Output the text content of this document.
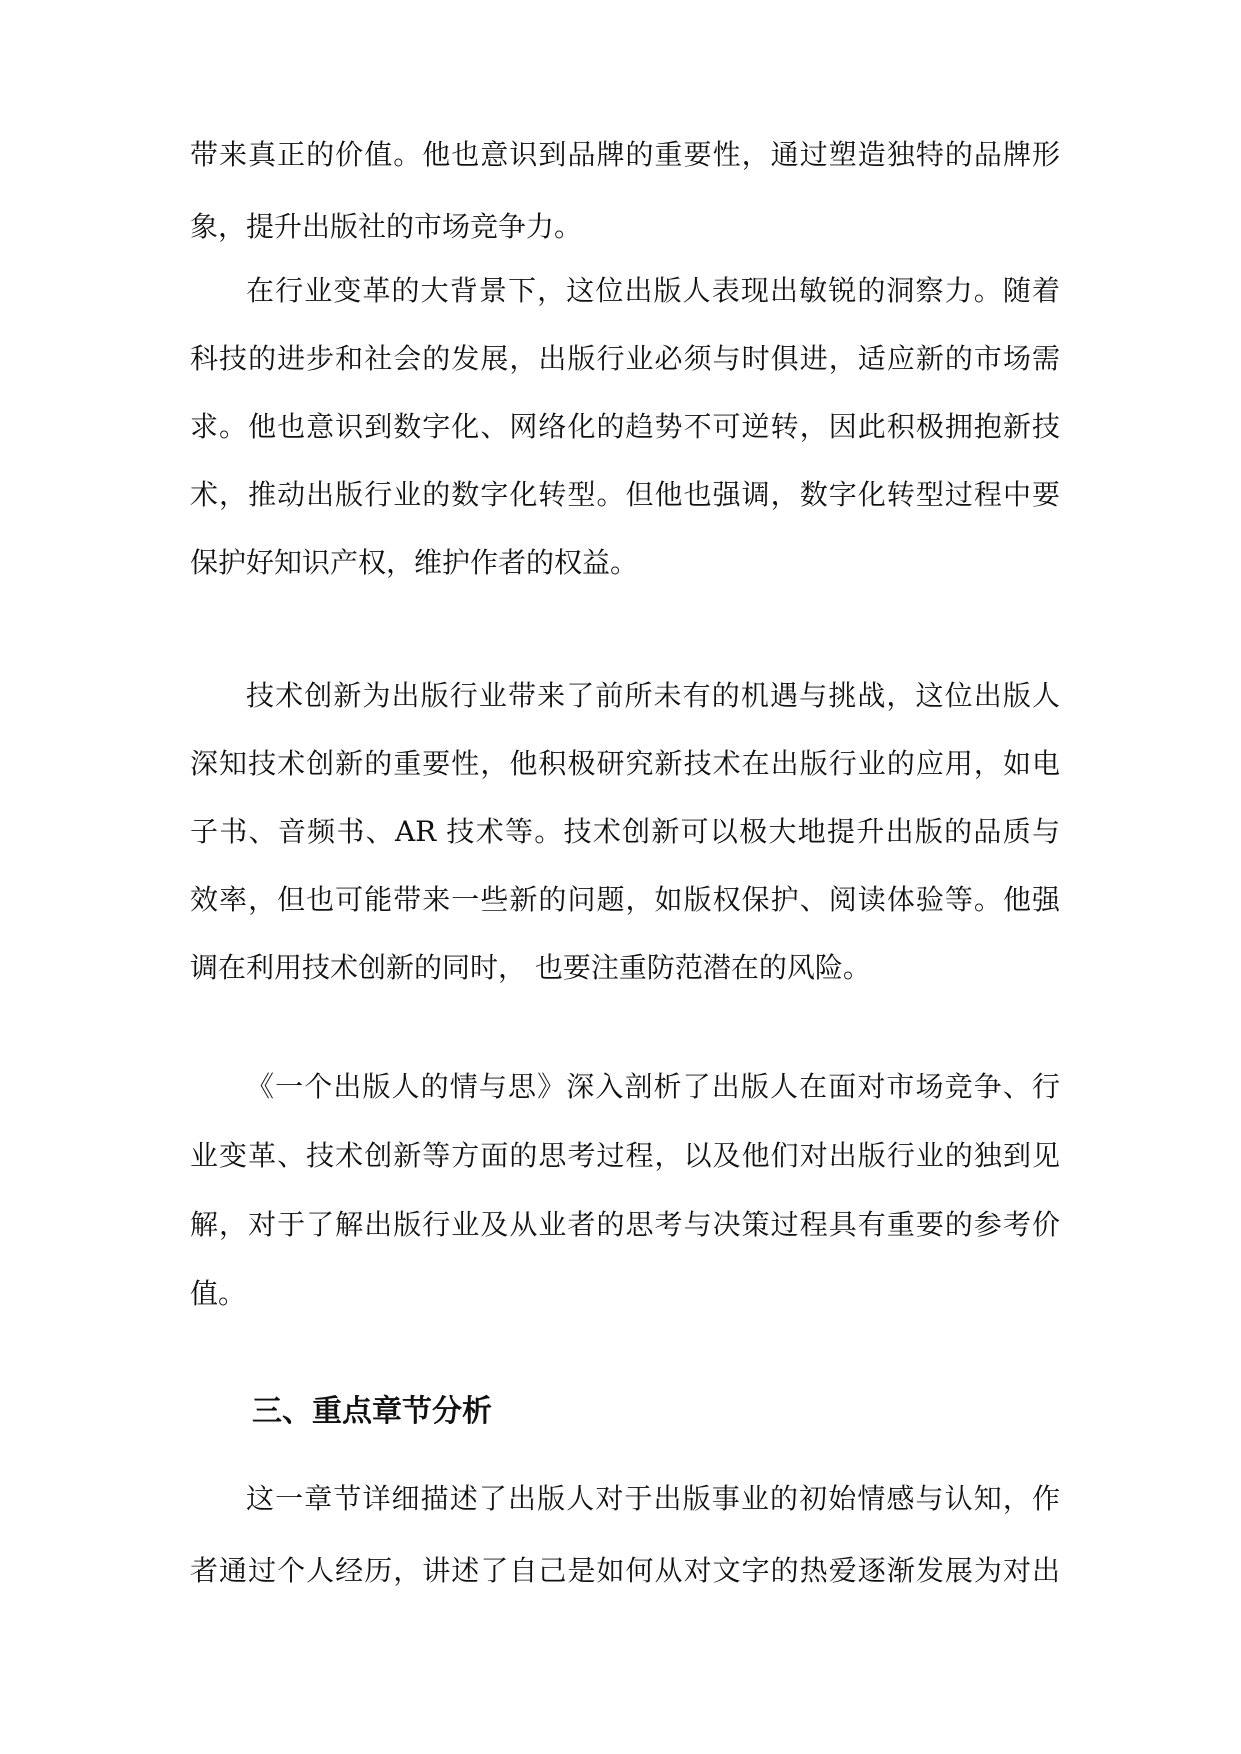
带来真正的价值。他也意识到品牌的重要性，通过塑造独特的品牌形
象，提升出版社的市场竞争力。
在行业变革的大背景下，这位出版人表现出敏锐的洞察力。随着
科技的进步和社会的发展，出版行业必须与时俱进，适应新的市场需
求。他也意识到数字化、网络化的趋势不可逆转，因此积极拥抱新技
术，推动出版行业的数字化转型。但他也强调，数字化转型过程中要
保护好知识产权，维护作者的权益。
技术创新为出版行业带来了前所未有的机遇与挑战，这位出版人
深知技术创新的重要性，他积极研究新技术在出版行业的应用，如电
子书、音频书、AR 技术等。技术创新可以极大地提升出版的品质与
效率，但也可能带来一些新的问题，如版权保护、阅读体验等。他强
调在利用技术创新的同时， 也要注重防范潜在的风险。
《一个出版人的情与思》深入剖析了出版人在面对市场竞争、行
业变革、技术创新等方面的思考过程，以及他们对出版行业的独到见
解，对于了解出版行业及从业者的思考与决策过程具有重要的参考价
值。
三、重点章节分析
这一章节详细描述了出版人对于出版事业的初始情感与认知，作
者通过个人经历，讲述了自己是如何从对文字的热爱逐渐发展为对出
